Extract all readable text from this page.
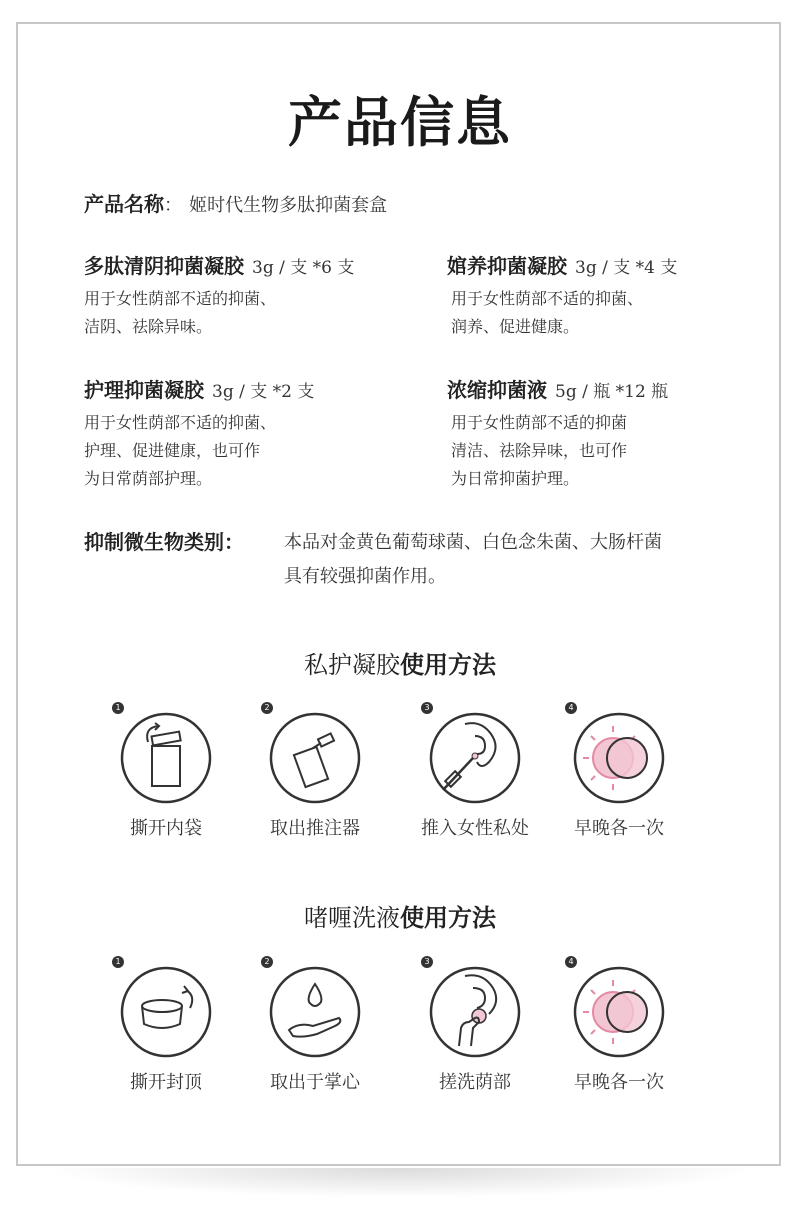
产品信息
产品名称： 姬时代生物多肽抑菌套盒
多肽清阴抑菌凝胶 3g / 支 *6 支
用于女性荫部不适的抑菌、
洁阴、祛除异味。
婠养抑菌凝胶 3g / 支 *4 支
用于女性荫部不适的抑菌、
润养、促进健康。
护理抑菌凝胶 3g / 支 *2 支
用于女性荫部不适的抑菌、
护理、促进健康，也可作
为日常荫部护理。
浓缩抑菌液 5g / 瓶 *12 瓶
用于女性荫部不适的抑菌
清洁、祛除异味，也可作
为日常抑菌护理。
抑制微生物类别： 本品对金黄色葡萄球菌、白色念朱菌、大肠杆菌
具有较强抑菌作用。
私护凝胶使用方法
1
撕开内袋
2
取出推注器
3
推入女性私处
4
早晚各一次
啫喱洗液使用方法
1
撕开封顶
2
取出于掌心
3
搓洗荫部
4
早晚各一次
